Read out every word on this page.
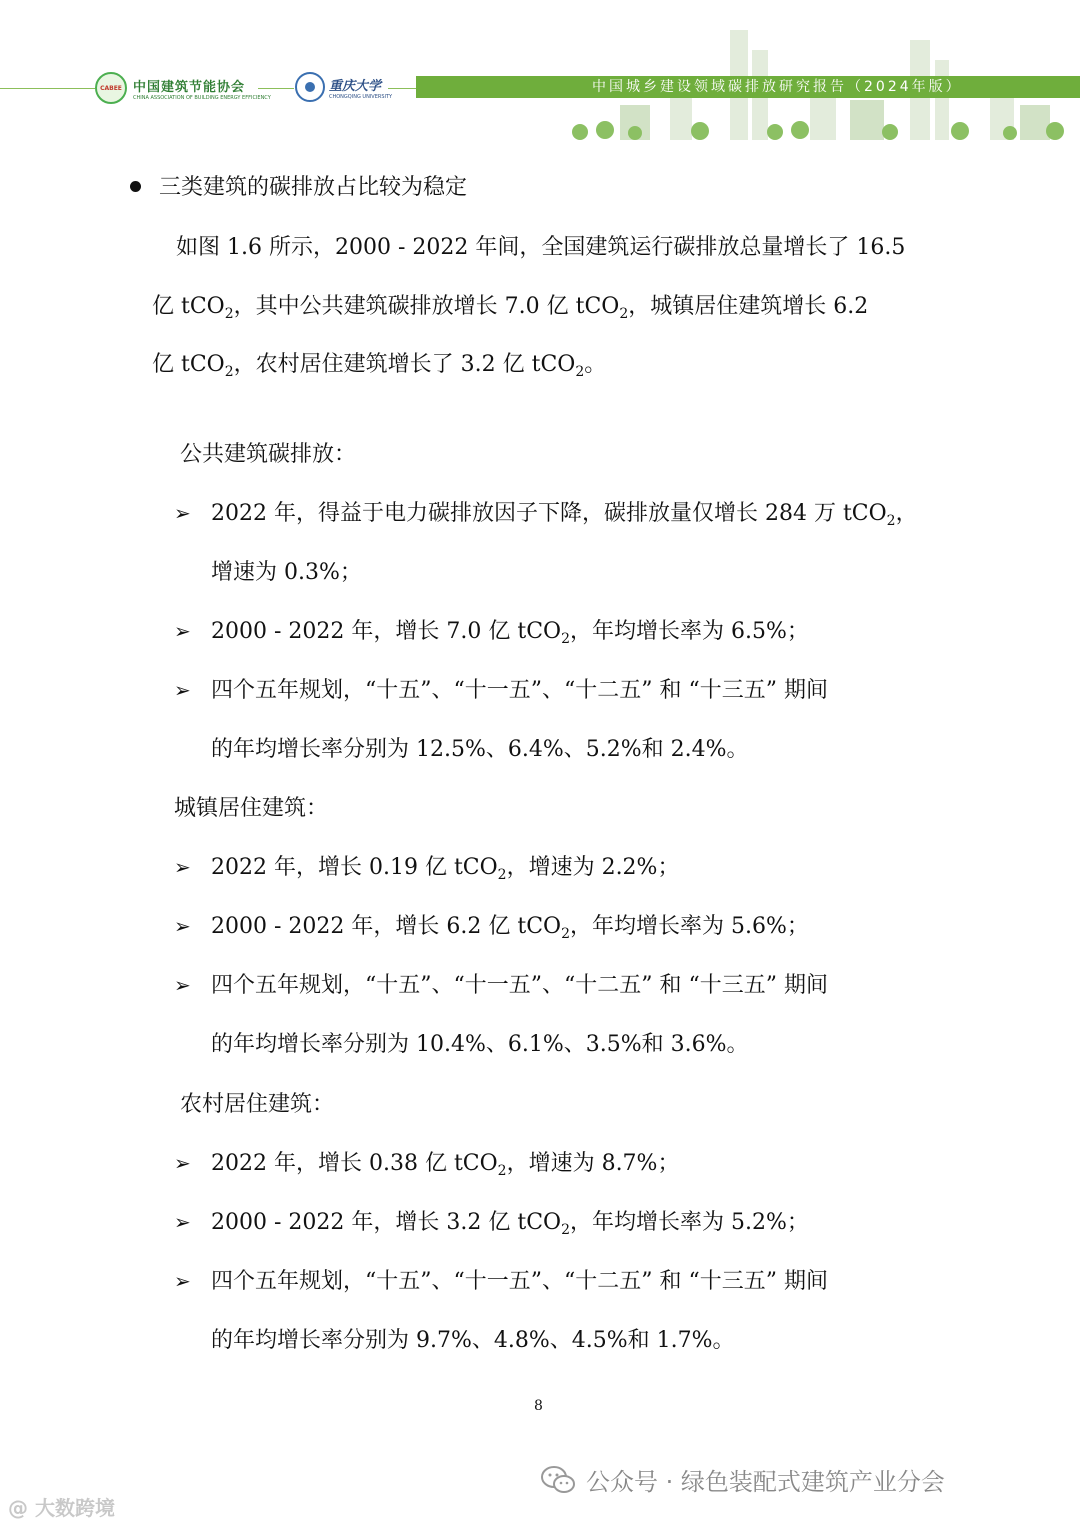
CABEE 中国建筑节能协会
CHINA ASSOCIATION OF BUILDING ENERGY EFFICIENCY
重庆大学
CHONGQING UNIVERSITY
中国城乡建设领域碳排放研究报告（2024年版）
三类建筑的碳排放占比较为稳定
如图 1.6 所示，2000 - 2022 年间，全国建筑运行碳排放总量增长了 16.5
亿 tCO$_2$，其中公共建筑碳排放增长 7.0 亿 tCO$_2$，城镇居住建筑增长 6.2
亿 tCO$_2$，农村居住建筑增长了 3.2 亿 tCO$_2$。
公共建筑碳排放：
➢ 2022 年，得益于电力碳排放因子下降，碳排放量仅增长 284 万 tCO$_2$，
增速为 0.3%；
➢ 2000 - 2022 年，增长 7.0 亿 tCO$_2$，年均增长率为 6.5%；
➢ 四个五年规划，“十五”、“十一五”、“十二五” 和 “十三五” 期间
的年均增长率分别为 12.5%、6.4%、5.2%和 2.4%。
城镇居住建筑：
➢ 2022 年，增长 0.19 亿 tCO$_2$，增速为 2.2%；
➢ 2000 - 2022 年，增长 6.2 亿 tCO$_2$，年均增长率为 5.6%；
➢ 四个五年规划，“十五”、“十一五”、“十二五” 和 “十三五” 期间
的年均增长率分别为 10.4%、6.1%、3.5%和 3.6%。
农村居住建筑：
➢ 2022 年，增长 0.38 亿 tCO$_2$，增速为 8.7%；
➢ 2000 - 2022 年，增长 3.2 亿 tCO$_2$，年均增长率为 5.2%；
➢ 四个五年规划，“十五”、“十一五”、“十二五” 和 “十三五” 期间
的年均增长率分别为 9.7%、4.8%、4.5%和 1.7%。
8
公众号 · 绿色装配式建筑产业分会
@ 大数跨境
